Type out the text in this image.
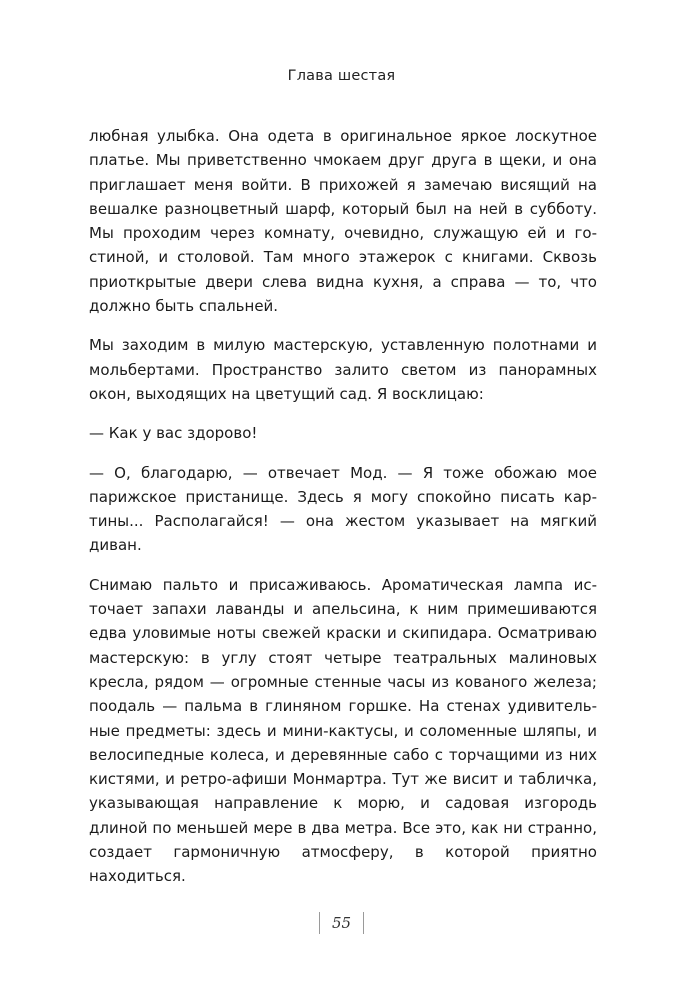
Глава шестая

любная улыбка. Она одета в оригинальное яркое лоскутное платье. Мы приветственно чмокаем друг друга в щеки, и она приглашает меня войти. В прихожей я замечаю висящий на вешалке разноцветный шарф, который был на ней в субботу. Мы проходим через комнату, очевидно, служащую ей и гостиной, и столовой. Там много этажерок с книгами. Сквозь приоткрытые двери слева видна кухня, а справа — то, что должно быть спальней.

Мы заходим в милую мастерскую, уставленную полотнами и мольбертами. Пространство залито светом из панорамных окон, выходящих на цветущий сад. Я восклицаю:

— Как у вас здорово!

— О, благодарю, — отвечает Мод. — Я тоже обожаю мое парижское пристанище. Здесь я могу спокойно писать картины... Располагайся! — она жестом указывает на мягкий диван.

Снимаю пальто и присаживаюсь. Ароматическая лампа источает запахи лаванды и апельсина, к ним примешиваются едва уловимые ноты свежей краски и скипидара. Осматриваю мастерскую: в углу стоят четыре театральных малиновых кресла, рядом — огромные стенные часы из кованого железа; поодаль — пальма в глиняном горшке. На стенах удивительные предметы: здесь и мини-кактусы, и соломенные шляпы, и велосипедные колеса, и деревянные сабо с торчащими из них кистями, и ретро-афиши Монмартра. Тут же висит и табличка, указывающая направление к морю, и садовая изгородь длиной по меньшей мере в два метра. Все это, как ни странно, создает гармоничную атмосферу, в которой приятно находиться.

55
